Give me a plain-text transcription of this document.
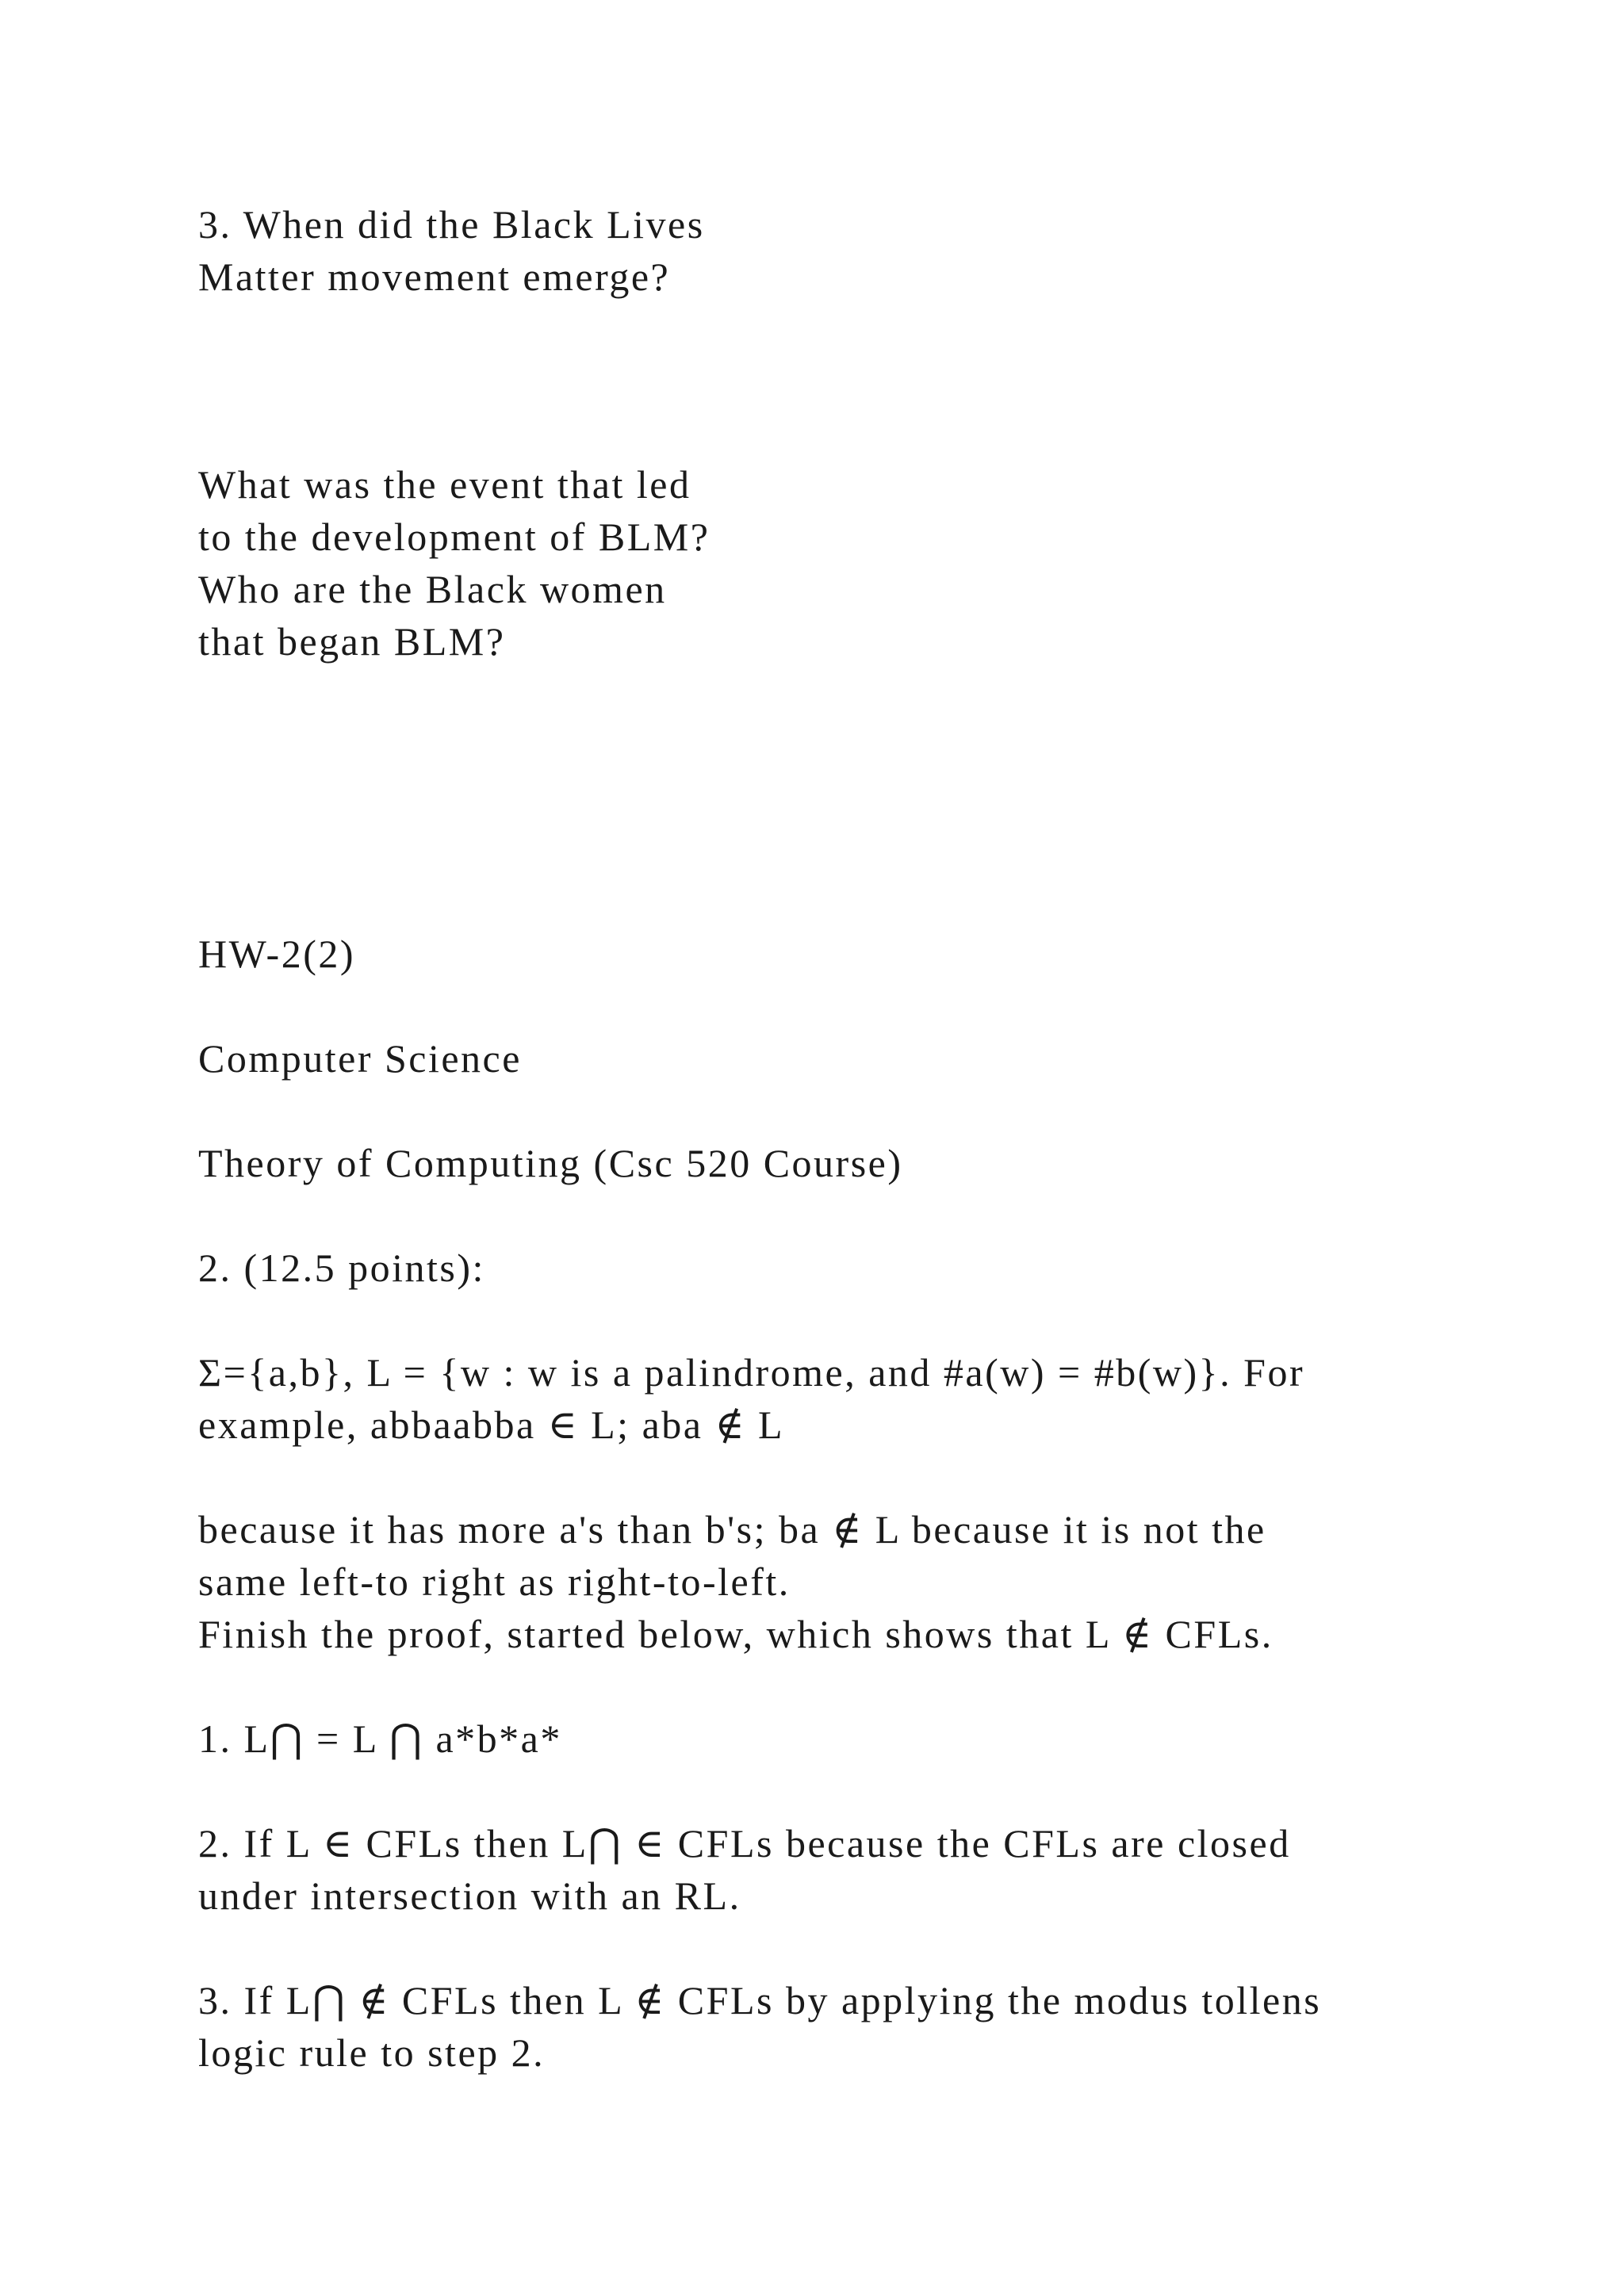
3. When did the Black Lives
Matter movement emerge?
What was the event that led
to the development of BLM?
Who are the Black women
that began BLM?
HW-2(2)
Computer Science
Theory of Computing (Csc 520 Course)
2. (12.5 points):
Σ={a,b}, L = {w : w is a palindrome, and #a(w) = #b(w)}. For
example, abbaabba ∈ L; aba ∉ L
because it has more a's than b's; ba ∉ L because it is not the
same left-to right as right-to-left.
Finish the proof, started below, which shows that L ∉ CFLs.
1. L⋂ = L ⋂ a*b*a*
2. If L ∈ CFLs then L⋂ ∈ CFLs because the CFLs are closed
under intersection with an RL.
3. If L⋂ ∉ CFLs then L ∉ CFLs by applying the modus tollens
logic rule to step 2.
